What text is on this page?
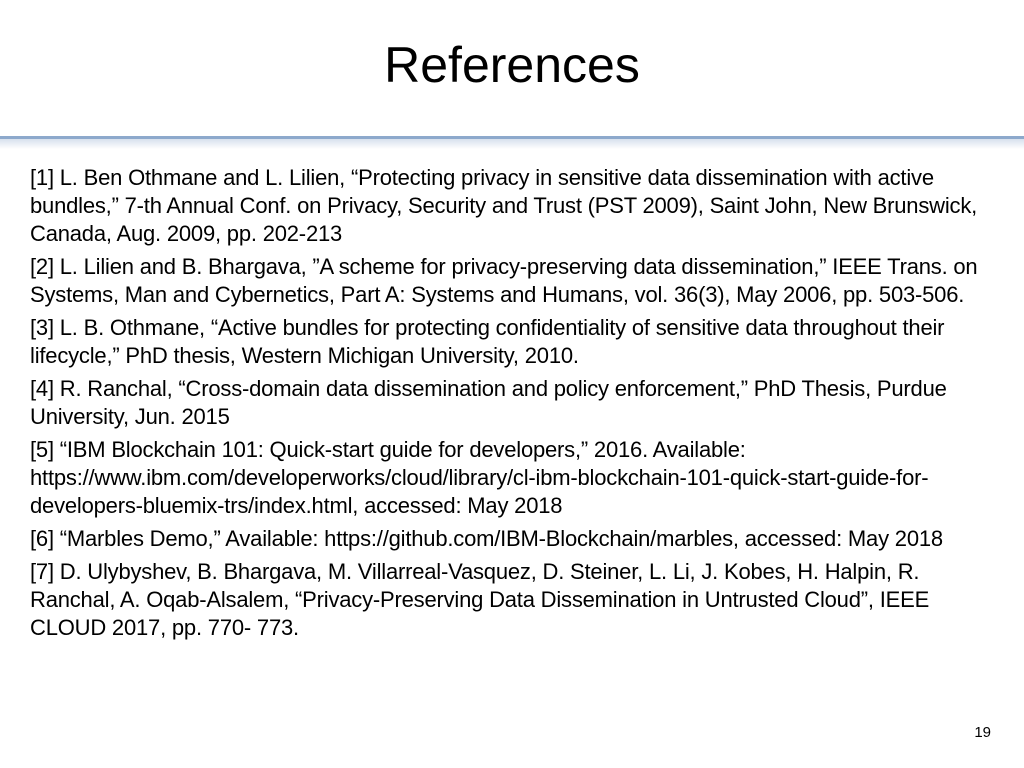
References
[1] L. Ben Othmane and L. Lilien, “Protecting privacy in sensitive data dissemination with active bundles,” 7-th Annual Conf. on Privacy, Security and Trust (PST 2009), Saint John, New Brunswick, Canada, Aug. 2009, pp. 202-213
[2] L. Lilien and B. Bhargava, ”A scheme for privacy-preserving data dissemination,” IEEE Trans. on Systems, Man and Cybernetics, Part A: Systems and Humans, vol. 36(3), May 2006, pp. 503-506.
[3] L. B. Othmane, “Active bundles for protecting confidentiality of sensitive data throughout their lifecycle,” PhD thesis, Western Michigan University, 2010.
[4] R. Ranchal, “Cross-domain data dissemination and policy enforcement,” PhD Thesis, Purdue University, Jun. 2015
[5] “IBM Blockchain 101: Quick-start guide for developers,” 2016. Available: https://www.ibm.com/developerworks/cloud/library/cl-ibm-blockchain-101-quick-start-guide-for-developers-bluemix-trs/index.html, accessed: May 2018
[6] “Marbles Demo,” Available: https://github.com/IBM-Blockchain/marbles, accessed: May 2018
[7] D. Ulybyshev, B. Bhargava, M. Villarreal-Vasquez, D. Steiner, L. Li, J. Kobes, H. Halpin, R. Ranchal, A. Oqab-Alsalem, “Privacy-Preserving Data Dissemination in Untrusted Cloud”, IEEE CLOUD 2017, pp. 770- 773.
19
